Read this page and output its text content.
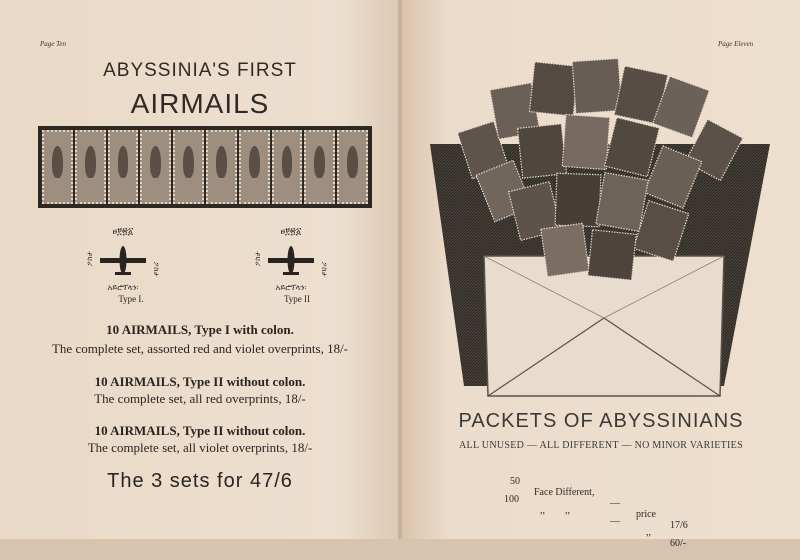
Page Ten
ABYSSINIA'S FIRST
AIRMAILS
ፀ፻፳፩
ፖስታ
ፖስታ
አይሮፕላን፡
Type I.
ፀ፻፳፩
ፖስታ
ፖስታ
አይሮፕላን፡
Type II
10 AIRMAILS, Type I with colon.
The complete set, assorted red and violet overprints, 18/-
10 AIRMAILS, Type II without colon.
The complete set, all red overprints, 18/-
10 AIRMAILS, Type II without colon.
The complete set, all violet overprints, 18/-
The 3 sets for 47/6
Page Eleven
PACKETS OF ABYSSINIANS
ALL UNUSED — ALL DIFFERENT — NO MINOR VARIETIES

50

Face Different,

—

price

17/6

100

,,        ,,

—

,,

60/-
